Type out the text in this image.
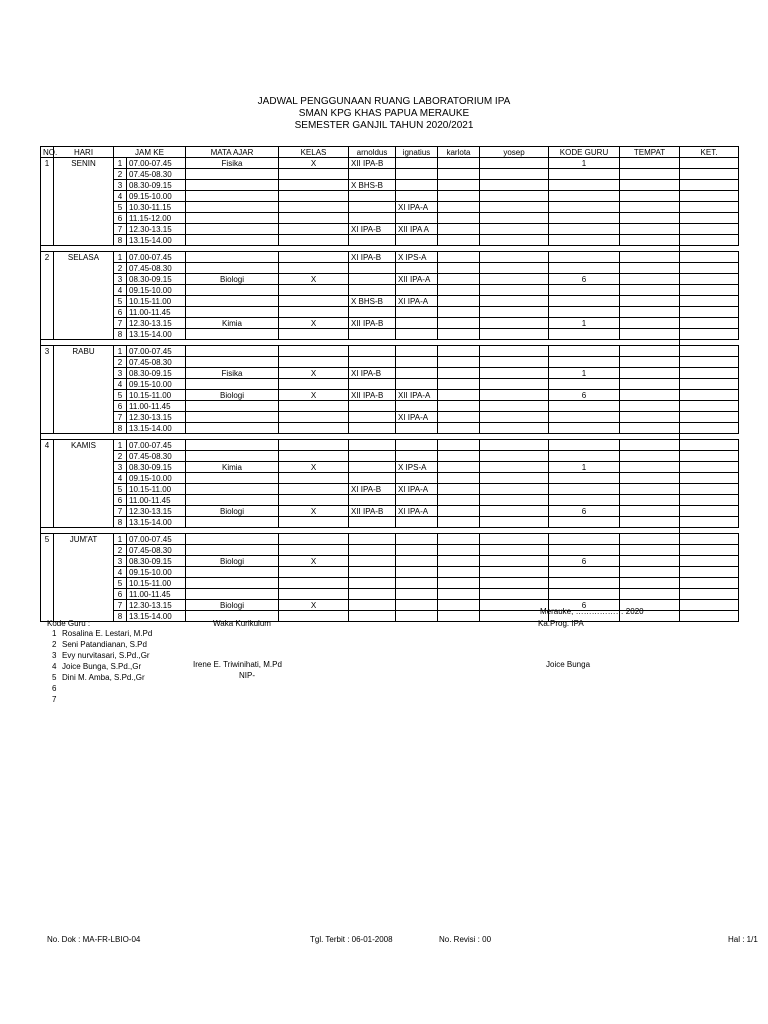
JADWAL PENGGUNAAN RUANG LABORATORIUM IPA
SMAN KPG KHAS PAPUA MERAUKE
SEMESTER GANJIL TAHUN 2020/2021
NO.	HARI	JAM KE		MATA AJAR	KELAS	arnoldus	ignatius	karlota	yosep	KODE GURU	TEMPAT	KET.
1	SENIN	1	07.00-07.45	Fisika	X	XII IPA-B				1		
		2	07.45-08.30									
		3	08.30-09.15			X BHS-B						
		4	09.15-10.00									
		5	10.30-11.15				XI IPA-A					
		6	11.15-12.00									
		7	12.30-13.15			XI IPA-B	XII IPA A					
		8	13.15-14.00									

2	SELASA	1	07.00-07.45			XI IPA-B	X IPS-A					
		2	07.45-08.30									
		3	08.30-09.15	Biologi	X		XII IPA-A			6		
		4	09.15-10.00									
		5	10.15-11.00			X BHS-B	XI IPA-A					
		6	11.00-11.45									
		7	12.30-13.15	Kimia	X	XII IPA-B				1		
		8	13.15-14.00									

3	RABU	1	07.00-07.45									
		2	07.45-08.30									
		3	08.30-09.15	Fisika	X	XI IPA-B				1		
		4	09.15-10.00									
		5	10.15-11.00	Biologi	X	XII IPA-B	XII IPA-A			6		
		6	11.00-11.45									
		7	12.30-13.15				XI IPA-A					
		8	13.15-14.00									

4	KAMIS	1	07.00-07.45									
		2	07.45-08.30									
		3	08.30-09.15	Kimia	X		X IPS-A			1		
		4	09.15-10.00									
		5	10.15-11.00			XI IPA-B	XI IPA-A					
		6	11.00-11.45									
		7	12.30-13.15	Biologi	X	XII IPA-B	XI IPA-A			6		
		8	13.15-14.00									

5	JUM'AT	1	07.00-07.45									
		2	07.45-08.30									
		3	08.30-09.15	Biologi	X					6		
		4	09.15-10.00									
		5	10.15-11.00									
		6	11.00-11.45									
		7	12.30-13.15	Biologi	X					6		
		8	13.15-14.00										Merauke, ……………… 2020
Kode Guru :	Waka Kurikulum	Ka.Prog. IPA
1 Rosalina E. Lestari, M.Pd
2 Seni Patandianan, S.Pd
3 Evy nurvitasari, S.Pd.,Gr
4 Joice Bunga, S.Pd.,Gr
5 Dini M. Amba, S.Pd.,Gr
6
7
Irene E. Triwinihati, M.Pd
NIP-
Joice Bunga
No. Dok : MA-FR-LBIO-04	Tgl. Terbit : 06-01-2008	No. Revisi : 00	Hal : 1/1
